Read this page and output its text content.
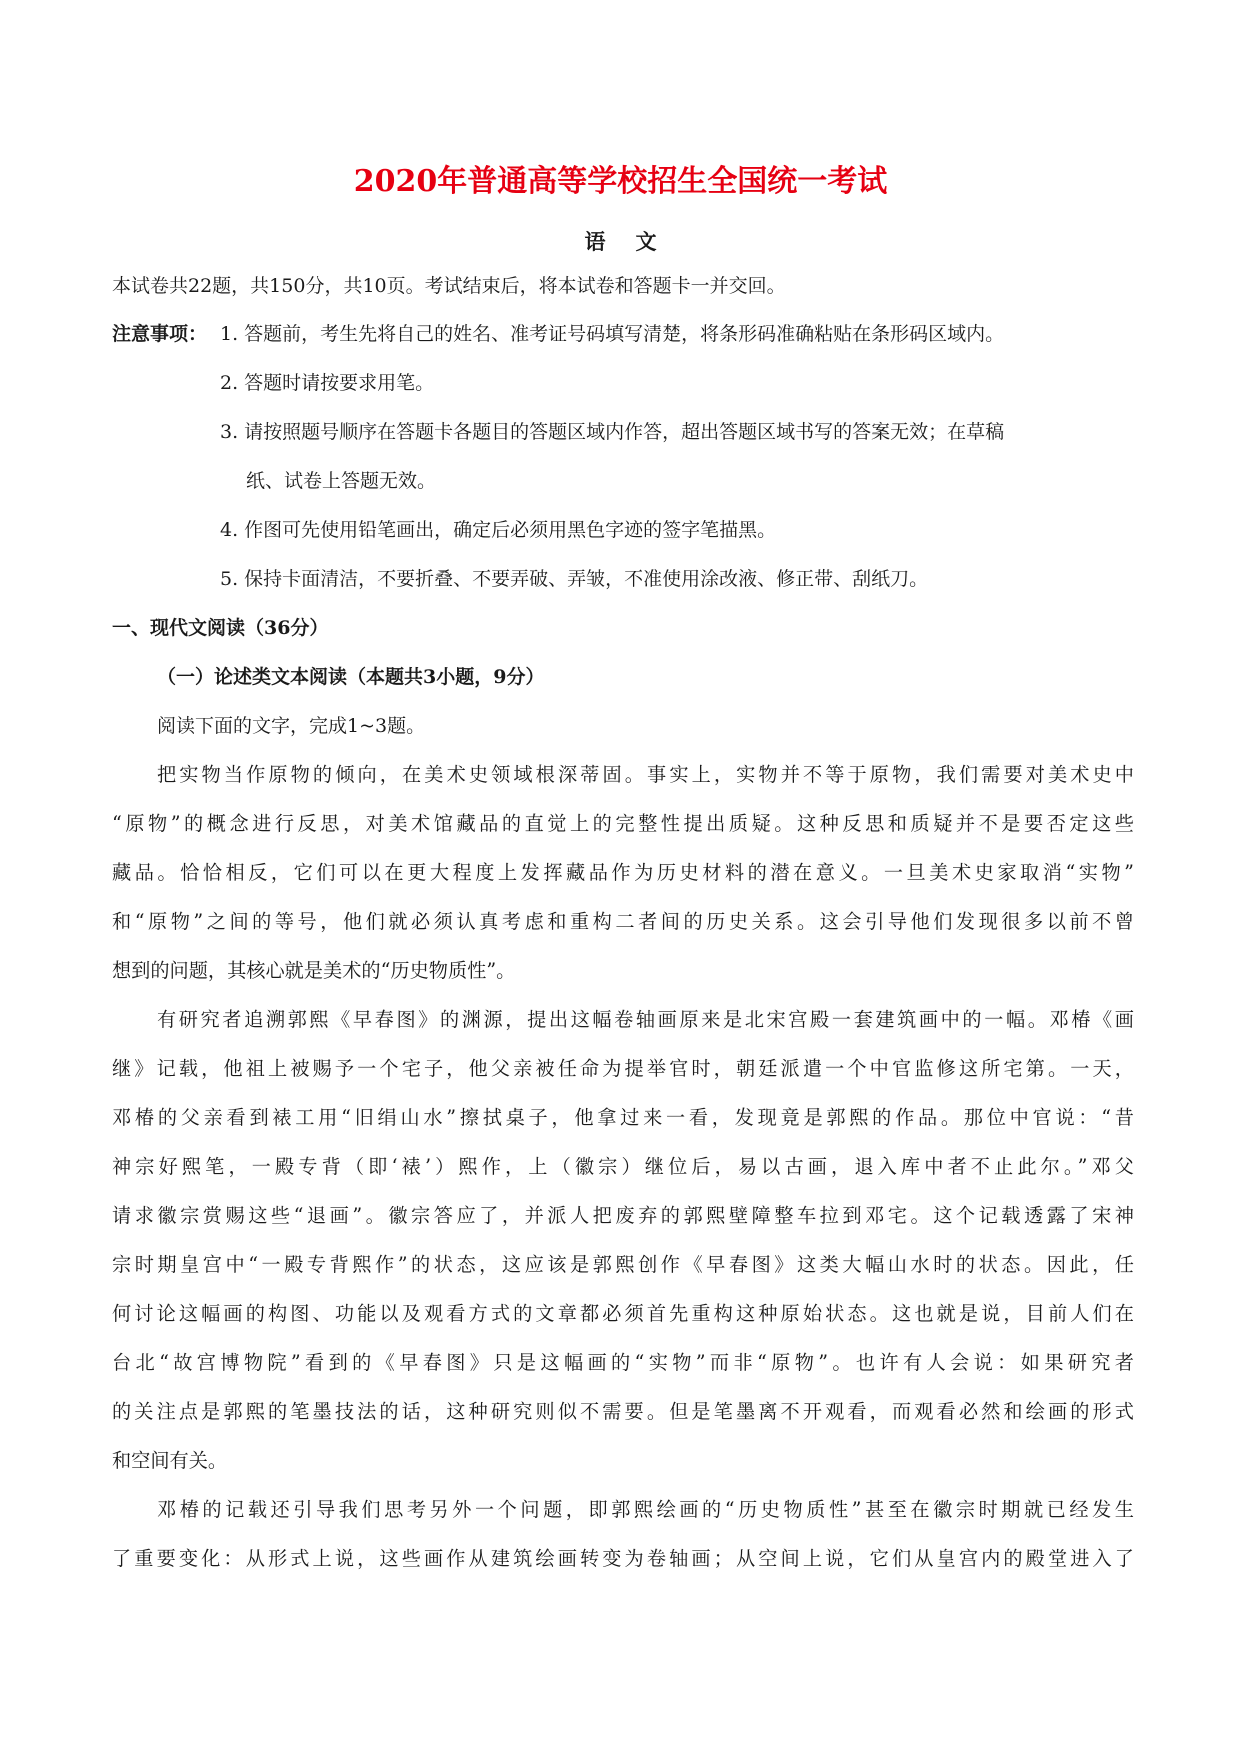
2020年普通高等学校招生全国统一考试
语 文
本试卷共22题，共150分，共10页。考试结束后，将本试卷和答题卡一并交回。
注意事项： 1. 答题前，考生先将自己的姓名、准考证号码填写清楚，将条形码准确粘贴在条形码区域内。
2. 答题时请按要求用笔。
3. 请按照题号顺序在答题卡各题目的答题区域内作答，超出答题区域书写的答案无效；在草稿
纸、试卷上答题无效。
4. 作图可先使用铅笔画出，确定后必须用黑色字迹的签字笔描黑。
5. 保持卡面清洁，不要折叠、不要弄破、弄皱，不准使用涂改液、修正带、刮纸刀。
一、现代文阅读（36分）
（一）论述类文本阅读（本题共3小题，9分）
阅读下面的文字，完成1~3题。
把实物当作原物的倾向，在美术史领域根深蒂固。事实上，实物并不等于原物，我们需要对美术史中
“原物”的概念进行反思，对美术馆藏品的直觉上的完整性提出质疑。这种反思和质疑并不是要否定这些
藏品。恰恰相反，它们可以在更大程度上发挥藏品作为历史材料的潜在意义。一旦美术史家取消“实物”
和“原物”之间的等号，他们就必须认真考虑和重构二者间的历史关系。这会引导他们发现很多以前不曾
想到的问题，其核心就是美术的“历史物质性”。
有研究者追溯郭熙《早春图》的渊源，提出这幅卷轴画原来是北宋宫殿一套建筑画中的一幅。邓椿《画
继》记载，他祖上被赐予一个宅子，他父亲被任命为提举官时，朝廷派遣一个中官监修这所宅第。一天，
邓椿的父亲看到裱工用“旧绢山水”擦拭桌子，他拿过来一看，发现竟是郭熙的作品。那位中官说：“昔
神宗好熙笔，一殿专背（即‘裱’）熙作，上（徽宗）继位后，易以古画，退入库中者不止此尔。”邓父
请求徽宗赏赐这些“退画”。徽宗答应了，并派人把废弃的郭熙壁障整车拉到邓宅。这个记载透露了宋神
宗时期皇宫中“一殿专背熙作”的状态，这应该是郭熙创作《早春图》这类大幅山水时的状态。因此，任
何讨论这幅画的构图、功能以及观看方式的文章都必须首先重构这种原始状态。这也就是说，目前人们在
台北“故宫博物院”看到的《早春图》只是这幅画的“实物”而非“原物”。也许有人会说：如果研究者
的关注点是郭熙的笔墨技法的话，这种研究则似不需要。但是笔墨离不开观看，而观看必然和绘画的形式
和空间有关。
邓椿的记载还引导我们思考另外一个问题，即郭熙绘画的“历史物质性”甚至在徽宗时期就已经发生
了重要变化：从形式上说，这些画作从建筑绘画转变为卷轴画；从空间上说，它们从皇宫内的殿堂进入了
